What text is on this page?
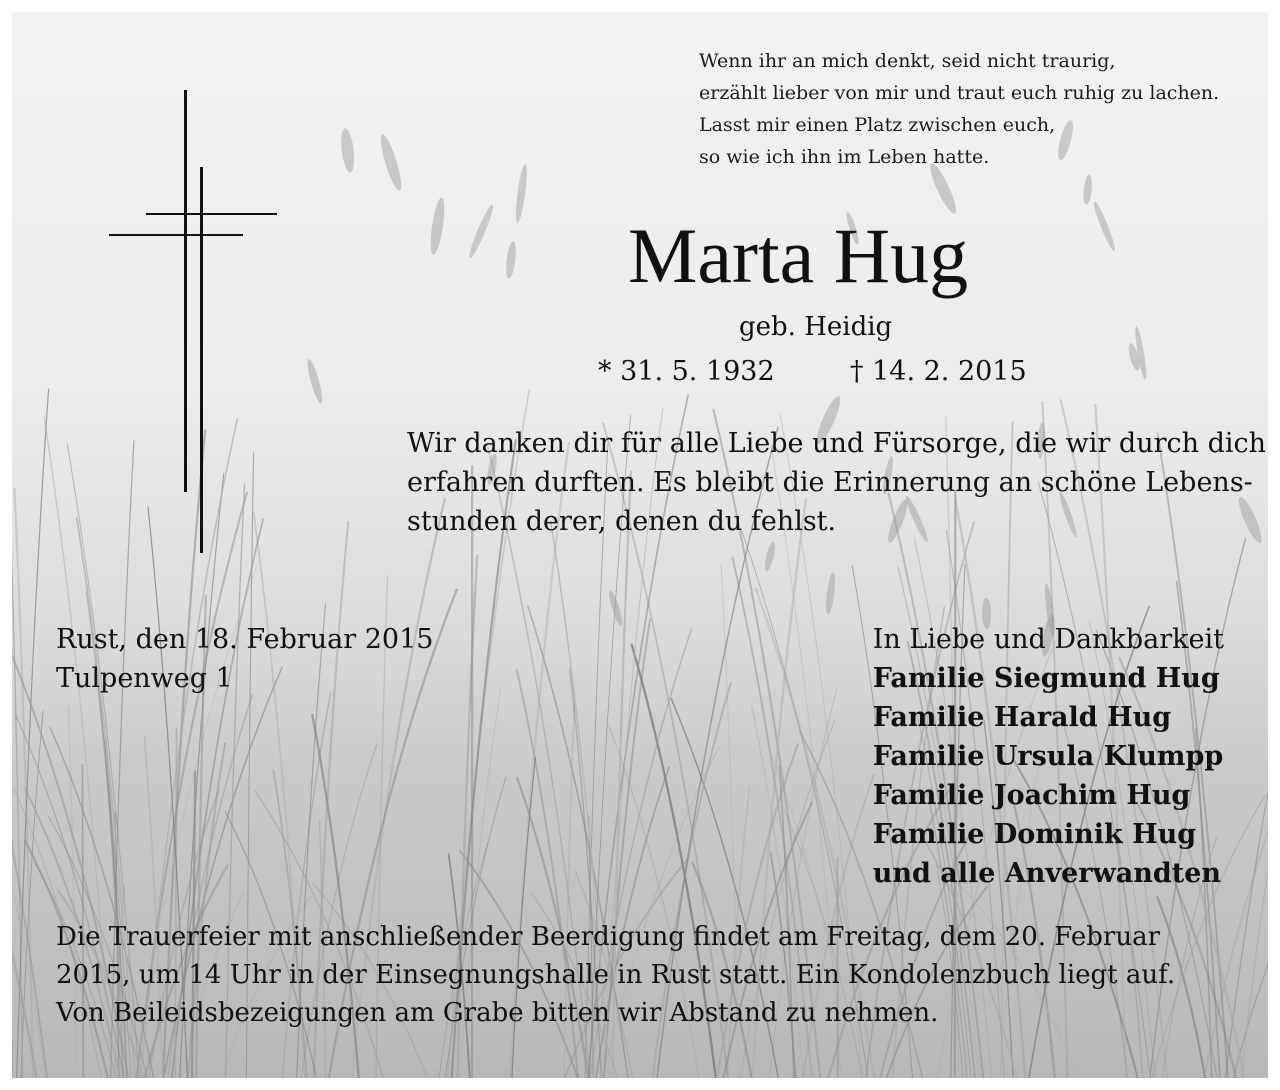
Wenn ihr an mich denkt, seid nicht traurig,
erzählt lieber von mir und traut euch ruhig zu lachen.
Lasst mir einen Platz zwischen euch,
so wie ich ihn im Leben hatte.
Marta Hug
geb. Heidig
* 31. 5. 1932	† 14. 2. 2015
Wir danken dir für alle Liebe und Fürsorge, die wir durch dich
erfahren durften. Es bleibt die Erinnerung an schöne Lebens-
stunden derer, denen du fehlst.
Rust, den 18. Februar 2015
Tulpenweg 1
In Liebe und Dankbarkeit
Familie Siegmund Hug
Familie Harald Hug
Familie Ursula Klumpp
Familie Joachim Hug
Familie Dominik Hug
und alle Anverwandten
Die Trauerfeier mit anschließender Beerdigung findet am Freitag, dem 20. Februar
2015, um 14 Uhr in der Einsegnungshalle in Rust statt. Ein Kondolenzbuch liegt auf.
Von Beileidsbezeigungen am Grabe bitten wir Abstand zu nehmen.
